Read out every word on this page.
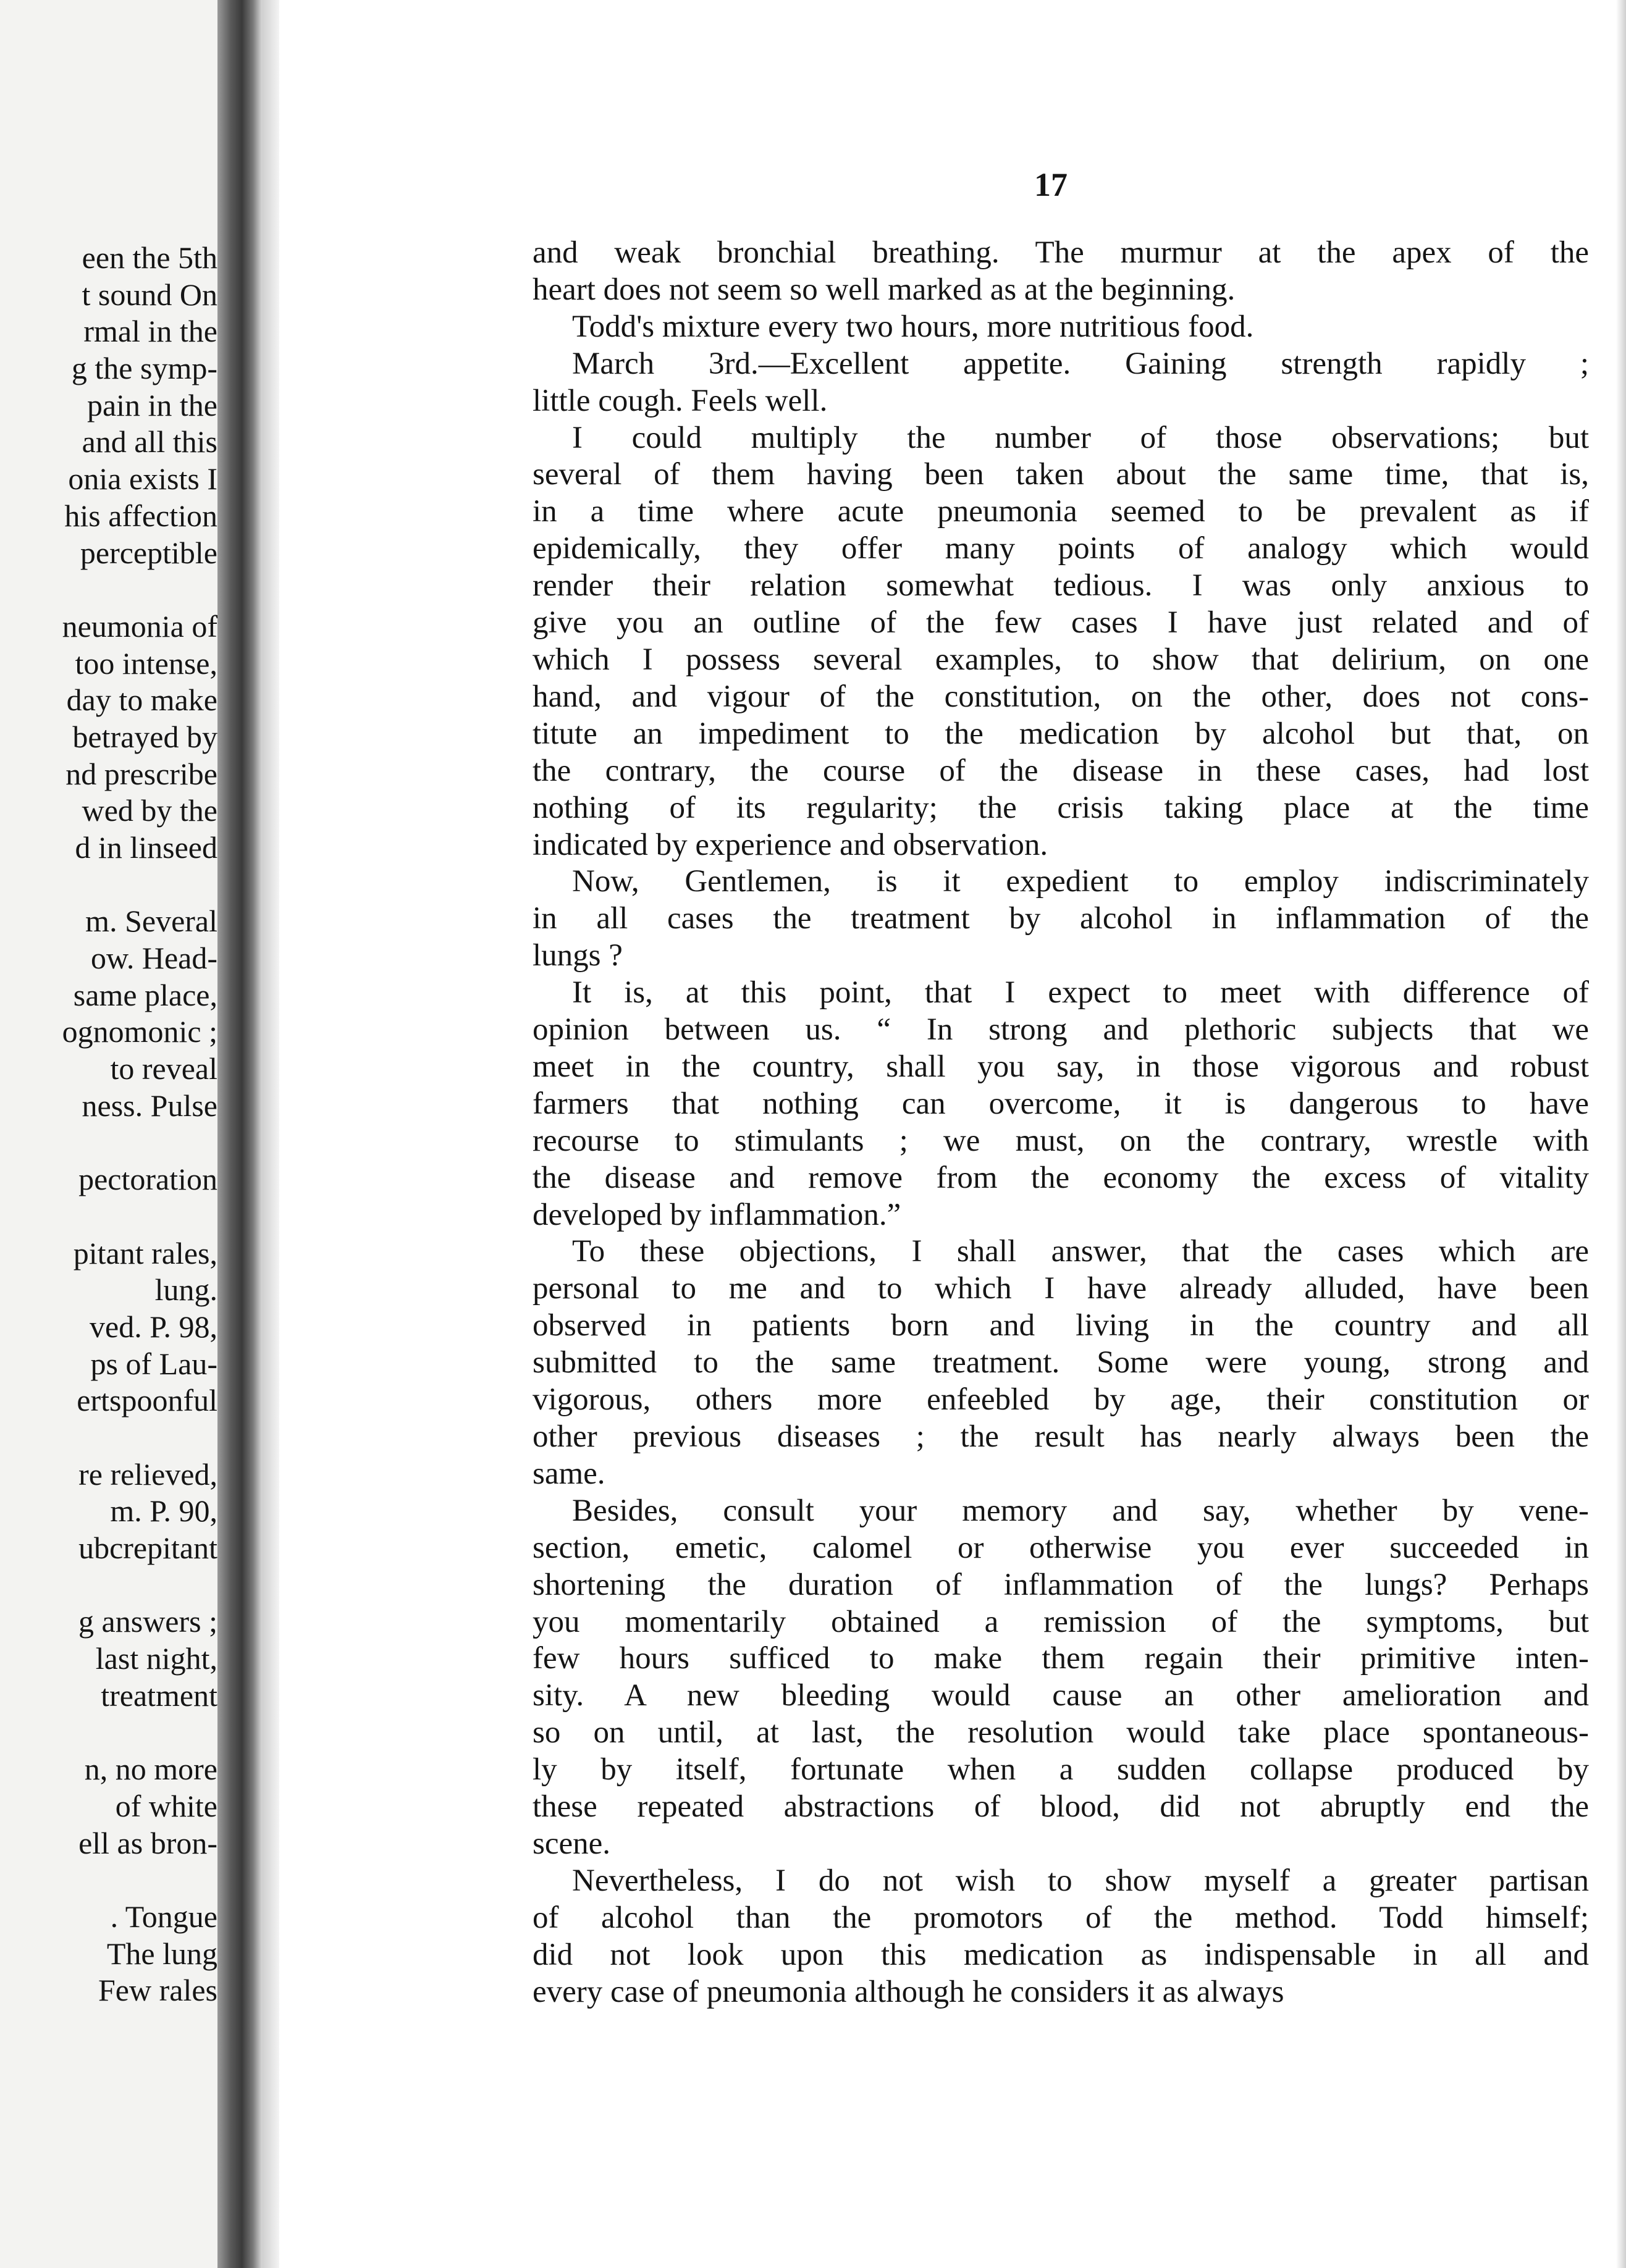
een the 5th
t sound On
rmal in the
g the symp-
pain in the
and all this
onia exists I
his affection
perceptible
neumonia of
too intense,
day to make
betrayed by
nd prescribe
wed by the
d in linseed
m. Several
ow. Head-
same place,
ognomonic ;
to reveal
ness. Pulse
pectoration
pitant rales,
lung.
ved. P. 98,
ps of Lau-
ertspoonful
re relieved,
m. P. 90,
ubcrepitant
g answers ;
last night,
treatment
n, no more
of white
ell as bron-
. Tongue
The lung
Few rales
17
and weak bronchial breathing. The murmur at the apex of the
heart does not seem so well marked as at the beginning.
Todd's mixture every two hours, more nutritious food.
March 3rd.—Excellent appetite. Gaining strength rapidly ;
little cough. Feels well.
I could multiply the number of those observations; but
several of them having been taken about the same time, that is,
in a time where acute pneumonia seemed to be prevalent as if
epidemically, they offer many points of analogy which would
render their relation somewhat tedious. I was only anxious to
give you an outline of the few cases I have just related and of
which I possess several examples, to show that delirium, on one
hand, and vigour of the constitution, on the other, does not cons-
titute an impediment to the medication by alcohol but that, on
the contrary, the course of the disease in these cases, had lost
nothing of its regularity; the crisis taking place at the time
indicated by experience and observation.
Now, Gentlemen, is it expedient to employ indiscriminately
in all cases the treatment by alcohol in inflammation of the
lungs ?
It is, at this point, that I expect to meet with difference of
opinion between us. “ In strong and plethoric subjects that we
meet in the country, shall you say, in those vigorous and robust
farmers that nothing can overcome, it is dangerous to have
recourse to stimulants ; we must, on the contrary, wrestle with
the disease and remove from the economy the excess of vitality
developed by inflammation.”
To these objections, I shall answer, that the cases which are
personal to me and to which I have already alluded, have been
observed in patients born and living in the country and all
submitted to the same treatment. Some were young, strong and
vigorous, others more enfeebled by age, their constitution or
other previous diseases ; the result has nearly always been the
same.
Besides, consult your memory and say, whether by vene-
section, emetic, calomel or otherwise you ever succeeded in
shortening the duration of inflammation of the lungs? Perhaps
you momentarily obtained a remission of the symptoms, but
few hours sufficed to make them regain their primitive inten-
sity. A new bleeding would cause an other amelioration and
so on until, at last, the resolution would take place spontaneous-
ly by itself, fortunate when a sudden collapse produced by
these repeated abstractions of blood, did not abruptly end the
scene.
Nevertheless, I do not wish to show myself a greater partisan
of alcohol than the promotors of the method. Todd himself;
did not look upon this medication as indispensable in all and
every case of pneumonia although he considers it as always
